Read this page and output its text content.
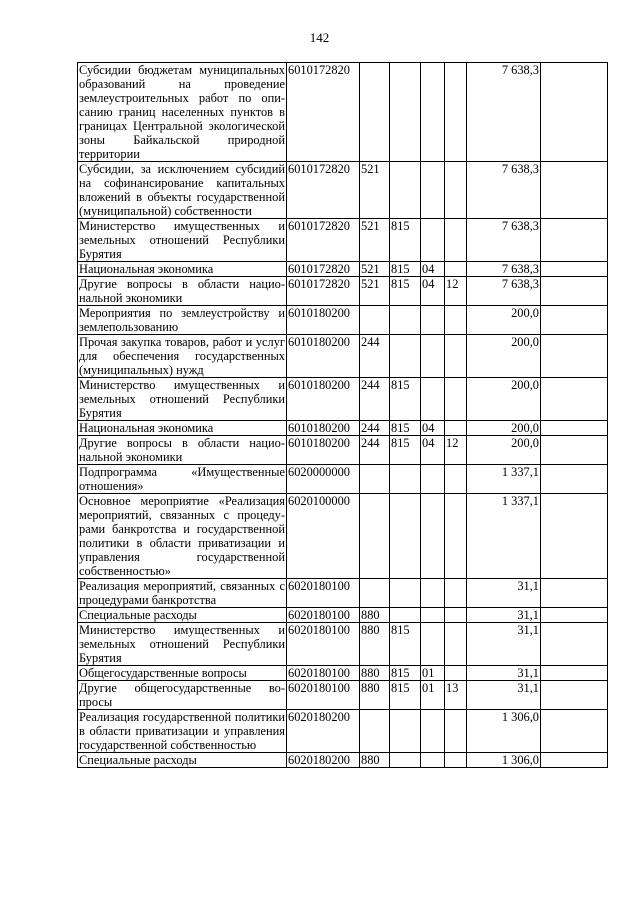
142
Субсидии бюджетам муниципальных образований на проведение землеустроительных работ по описанию границ населенных пунктов в границах Центральной экологической зоны Байкальской природной территории	6010172820					7 638,3	
Субсидии, за исключением субсидий на софинансирование капитальных вложений в объекты государственной (муниципальной) собственности	6010172820	521				7 638,3	
Министерство имущественных и земельных отношений Республики Бурятия	6010172820	521	815			7 638,3	
Национальная экономика	6010172820	521	815	04		7 638,3	
Другие вопросы в области национальной экономики	6010172820	521	815	04	12	7 638,3	
Мероприятия по землеустройству и землепользованию	6010180200					200,0	
Прочая закупка товаров, работ и услуг для обеспечения государственных (муниципальных) нужд	6010180200	244				200,0	
Министерство имущественных и земельных отношений Республики Бурятия	6010180200	244	815			200,0	
Национальная экономика	6010180200	244	815	04		200,0	
Другие вопросы в области национальной экономики	6010180200	244	815	04	12	200,0	
Подпрограмма «Имущественные отношения»	6020000000					1 337,1	
Основное мероприятие «Реализация мероприятий, связанных с процедурами банкротства и государственной политики в области приватизации и управления государственной собственностью»	6020100000					1 337,1	
Реализация мероприятий, связанных с процедурами банкротства	6020180100					31,1	
Специальные расходы	6020180100	880				31,1	
Министерство имущественных и земельных отношений Республики Бурятия	6020180100	880	815			31,1	
Общегосударственные вопросы	6020180100	880	815	01		31,1	
Другие общегосударственные вопросы	6020180100	880	815	01	13	31,1	
Реализация государственной политики в области приватизации и управления государственной собственностью	6020180200					1 306,0	
Специальные расходы	6020180200	880				1 306,0	
